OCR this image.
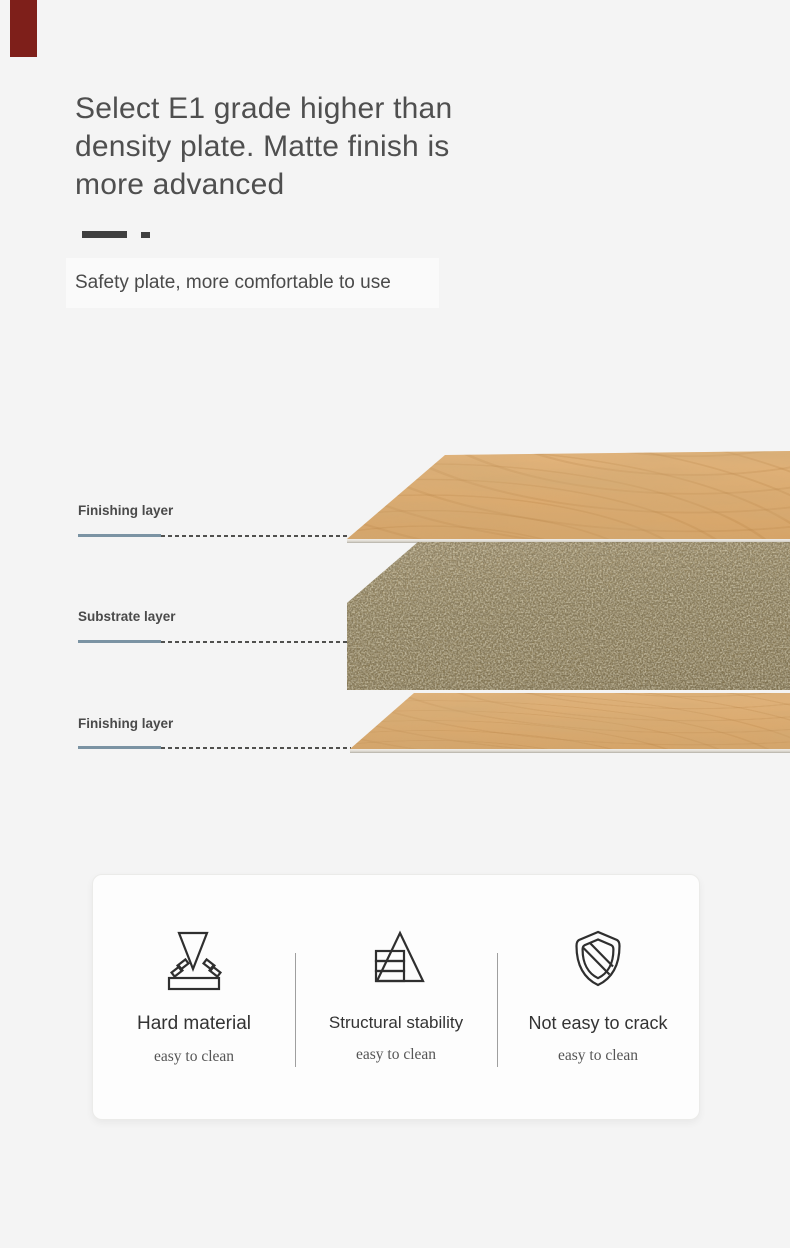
Select E1 grade higher than
density plate. Matte finish is
more advanced
Safety plate, more comfortable to use
Finishing layer
Substrate layer
Finishing layer
Hard material
easy to clean
Structural stability
easy to clean
Not easy to crack
easy to clean
